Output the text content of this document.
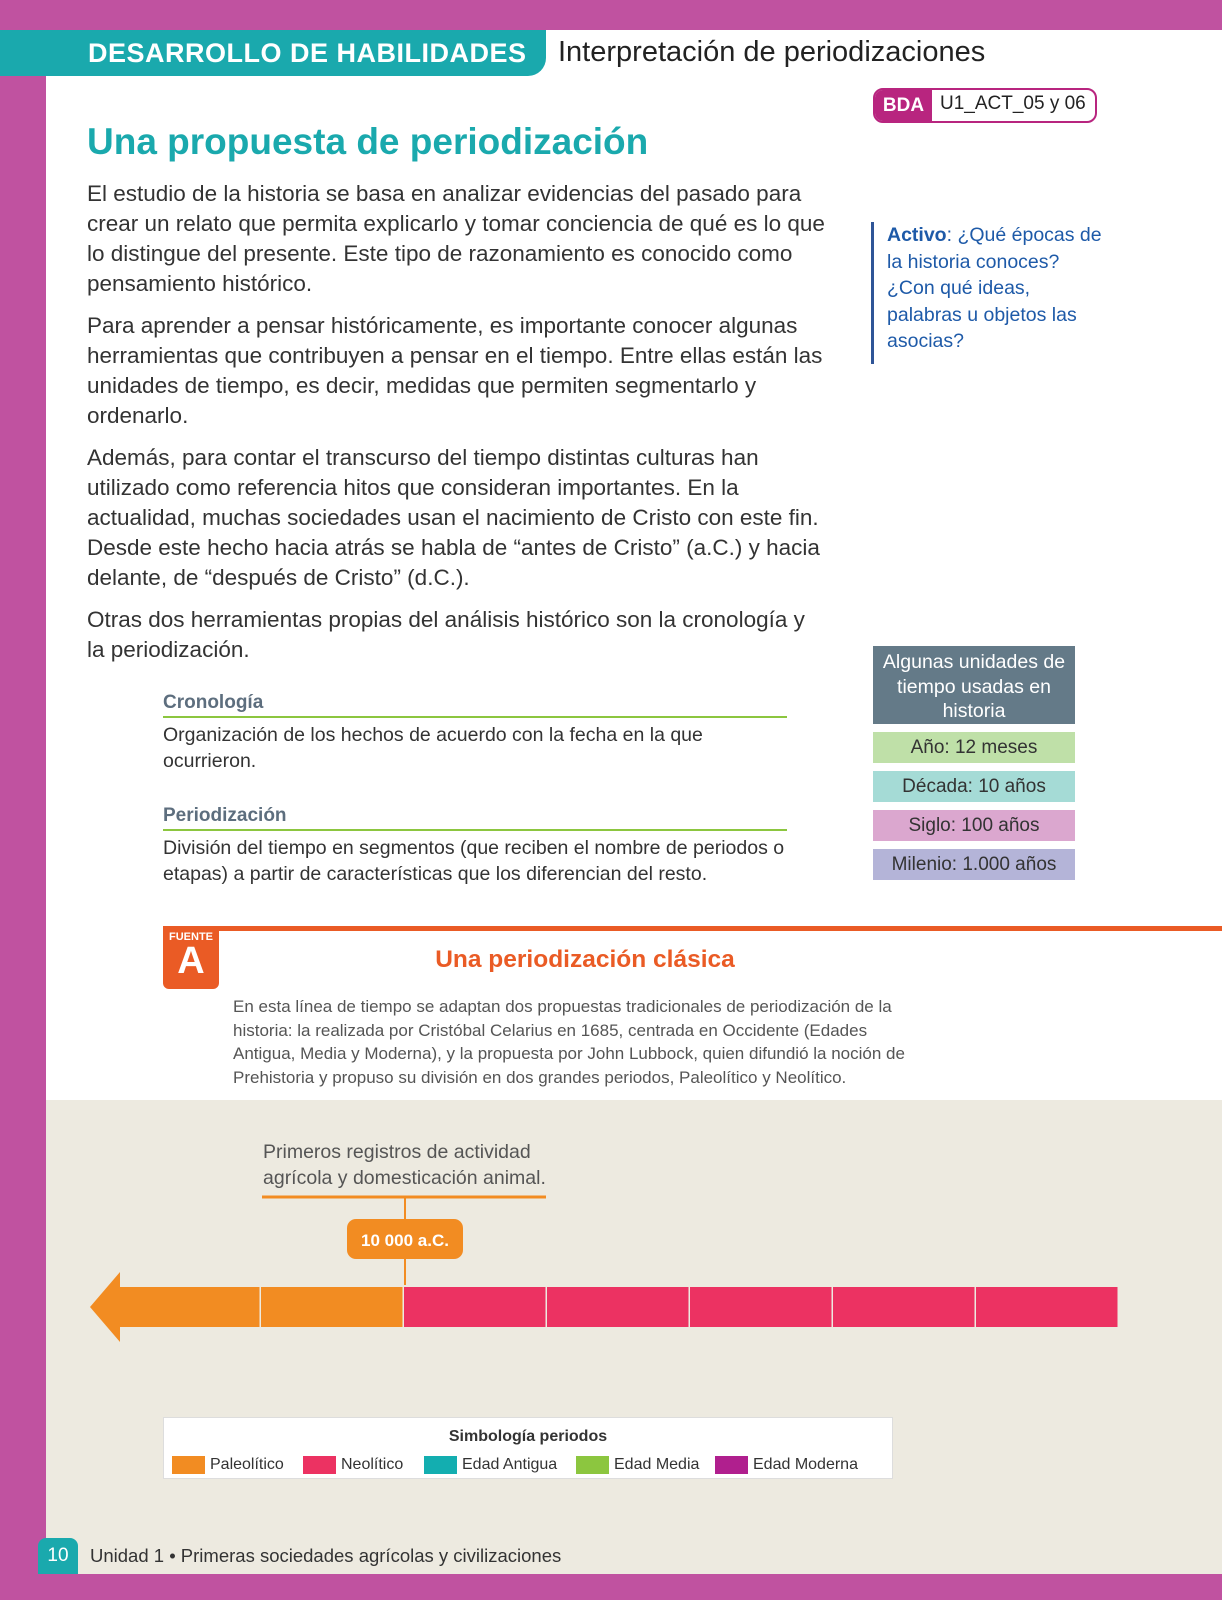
DESARROLLO DE HABILIDADES Interpretación de periodizaciones
BDA U1_ACT_05 y 06
Una propuesta de periodización

El estudio de la historia se basa en analizar evidencias del pasado para crear un relato que permita explicarlo y tomar conciencia de qué es lo que lo distingue del presente. Este tipo de razonamiento es conocido como pensamiento histórico.

Para aprender a pensar históricamente, es importante conocer algunas herramientas que contribuyen a pensar en el tiempo. Entre ellas están las unidades de tiempo, es decir, medidas que permiten segmentarlo y ordenarlo.

Además, para contar el transcurso del tiempo distintas culturas han utilizado como referencia hitos que consideran importantes. En la actualidad, muchas sociedades usan el nacimiento de Cristo con este fin. Desde este hecho hacia atrás se habla de “antes de Cristo” (a.C.) y hacia delante, de “después de Cristo” (d.C.).

Otras dos herramientas propias del análisis histórico son la cronología y la periodización.

Activo: ¿Qué épocas de la historia conoces? ¿Con qué ideas, palabras u objetos las asocias?
Cronología
Organización de los hechos de acuerdo con la fecha en la que ocurrieron.
Periodización
División del tiempo en segmentos (que reciben el nombre de periodos o etapas) a partir de características que los diferencian del resto.
Algunas unidades de tiempo usadas en historia
Año: 12 meses
Década: 10 años
Siglo: 100 años
Milenio: 1.000 años
FUENTE
A	Una periodización clásica
En esta línea de tiempo se adaptan dos propuestas tradicionales de periodización de la historia: la realizada por Cristóbal Celarius en 1685, centrada en Occidente (Edades Antigua, Media y Moderna), y la propuesta por John Lubbock, quien difundió la noción de Prehistoria y propuso su división en dos grandes periodos, Paleolítico y Neolítico.
10 000 a.C.
Primeros registros de actividad agrícola y domesticación animal.
Simbología periodos
Paleolítico	Neolítico	Edad Antigua	Edad Media	Edad Moderna
10	Unidad 1 • Primeras sociedades agrícolas y civilizaciones
